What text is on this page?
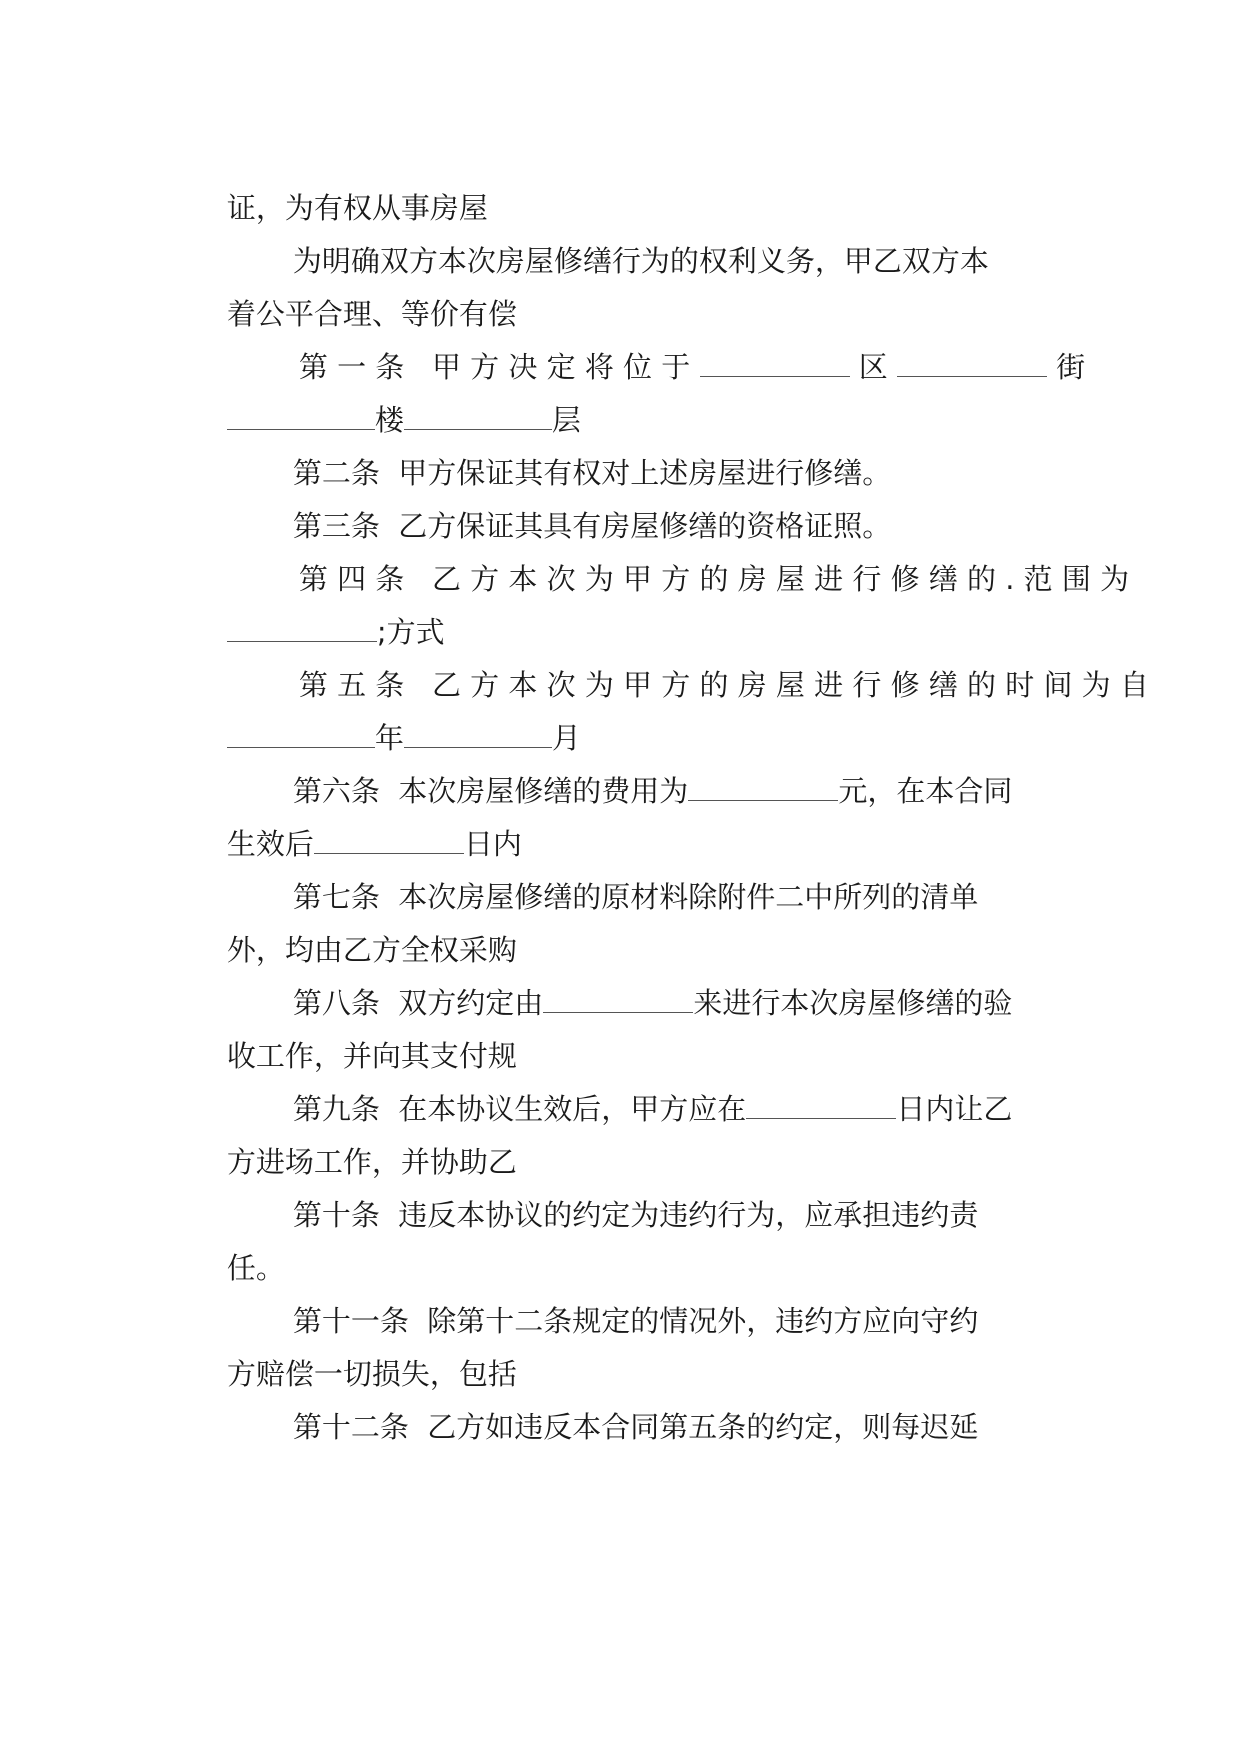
证，为有权从事房屋

为明确双方本次房屋修缮行为的权利义务，甲乙双方本

着公平合理、等价有偿

第 一 条   甲 方 决 定 将 位 于	区	街

楼	层

第二条  甲方保证其有权对上述房屋进行修缮。

第三条  乙方保证其具有房屋修缮的资格证照。

第 四 条   乙 方 本 次 为 甲 方 的 房 屋 进 行 修 缮 的 . 范 围 为

;方式

第 五 条   乙 方 本 次 为 甲 方 的 房 屋 进 行 修 缮 的 时 间 为 自

年	月

第六条  本次房屋修缮的费用为	元，在本合同

生效后	日内

第七条  本次房屋修缮的原材料除附件二中所列的清单

外，均由乙方全权采购

第八条  双方约定由	来进行本次房屋修缮的验

收工作，并向其支付规

第九条  在本协议生效后，甲方应在	日内让乙

方进场工作，并协助乙

第十条  违反本协议的约定为违约行为，应承担违约责

任。

第十一条  除第十二条规定的情况外，违约方应向守约

方赔偿一切损失，包括

第十二条  乙方如违反本合同第五条的约定，则每迟延
